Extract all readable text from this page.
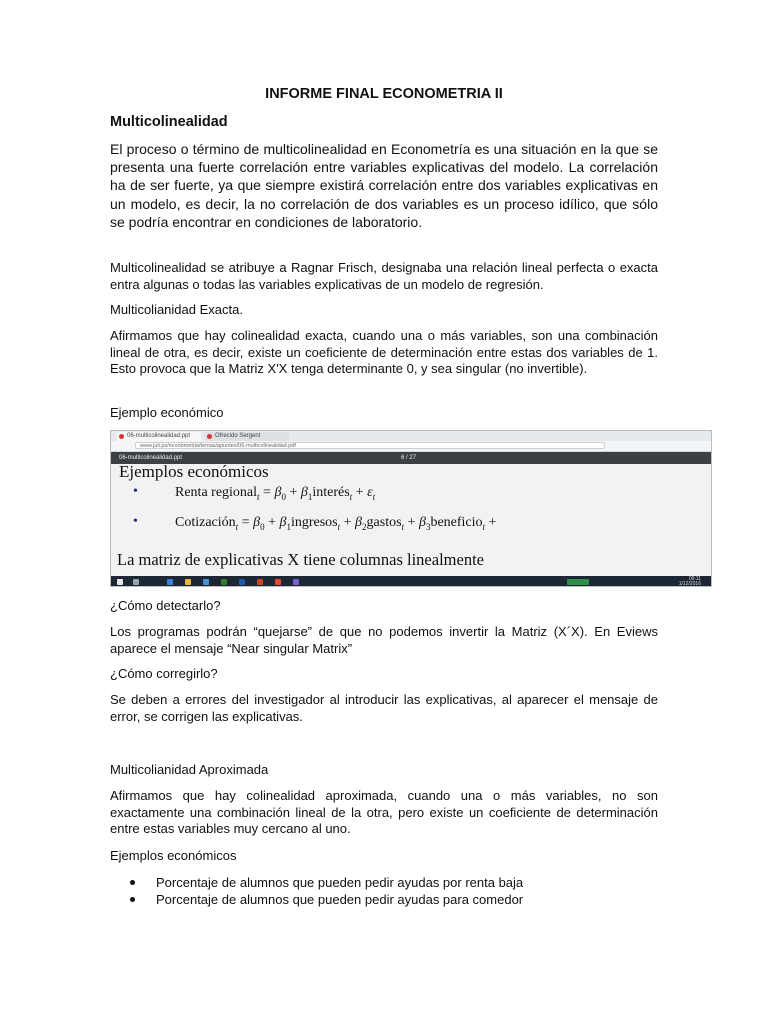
INFORME FINAL ECONOMETRIA II
Multicolinealidad
El proceso o término de multicolinealidad en Econometría es una situación en la que se presenta una fuerte correlación entre variables explicativas del modelo. La correlación ha de ser fuerte, ya que siempre existirá correlación entre dos variables explicativas en un modelo, es decir, la no correlación de dos variables es un proceso idílico, que sólo se podría encontrar en condiciones de laboratorio.
Multicolinealidad se atribuye a Ragnar Frisch, designaba una relación lineal perfecta o exacta entra algunas o todas las variables explicativas de un modelo de regresión.
Multicolianidad Exacta.
Afirmamos que hay colinealidad exacta, cuando una o más variables, son una combinación lineal de otra, es decir, existe un coeficiente de determinación entre estas dos variables de 1. Esto provoca que la Matriz X'X tenga determinante 0, y sea singular (no invertible).
Ejemplo económico
06-multicolinealidad.ppt	Ofrecido Sergent
www.juli.ps/econometria/temas/apuntes/06-multicolinealidad.pdf
06-multicolinealidad.ppt	6 / 27
Ejemplos económicos
•	Renta regional$_t$ = $\beta_0$ + $\beta_1interés_t + \varepsilon_t$
•	Cotización$_t$ = $\beta_0$ + $\beta_1ingresos_t$ + $\beta_2gastos_t$ + $\beta_3beneficio_t$ +
La matriz de explicativas X tiene columnas linealmente
09:11
1/12/2016
¿Cómo detectarlo?
Los programas podrán “quejarse” de que no podemos invertir la Matriz (X´X). En Eviews aparece el mensaje “Near singular Matrix”
¿Cómo corregirlo?
Se deben a errores del investigador al introducir las explicativas, al aparecer el mensaje de error, se corrigen las explicativas.
Multicolianidad Aproximada
Afirmamos que hay colinealidad aproximada, cuando una o más variables, no son exactamente una combinación lineal de la otra, pero existe un coeficiente de determinación entre estas variables muy cercano al uno.
Ejemplos económicos
Porcentaje de alumnos que pueden pedir ayudas por renta baja
Porcentaje de alumnos que pueden pedir ayudas para comedor
